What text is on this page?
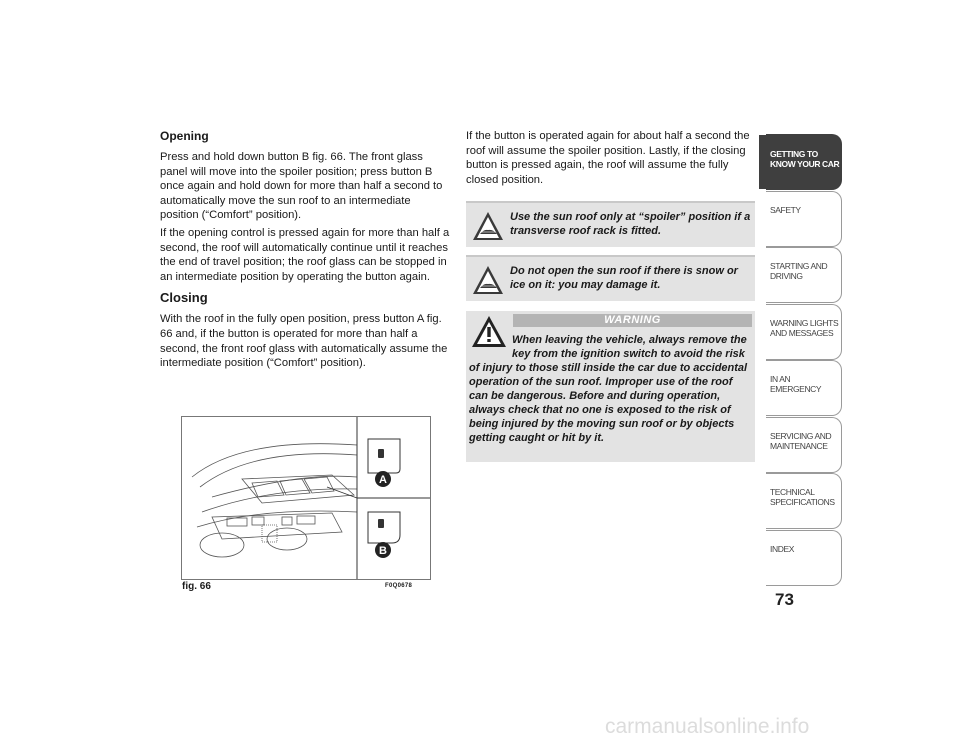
Opening

Press and hold down button B fig. 66. The front glass panel will move into the spoiler position; press button B once again and hold down for more than half a second to automatically move the sun roof to an intermediate position (“Comfort” position).

If the opening control is pressed again for more than half a second, the roof will automatically continue until it reaches the end of travel position; the roof glass can be stopped in an intermediate position by operating the button again.

Closing

With the roof in the fully open position, press button A fig. 66 and, if the button is operated for more than half a second, the front roof glass with automatically assume the intermediate position (“Comfort” position).

If the button is operated again for about half a second the roof will assume the spoiler position. Lastly, if the closing button is pressed again, the roof will assume the fully closed position.

Use the sun roof only at “spoiler” position if a transverse roof rack is fitted.
Do not open the sun roof if there is snow or ice on it: you may damage it.
WARNING
When leaving the vehicle, always remove the key from the ignition switch to avoid the risk of injury to those still inside the car due to accidental operation of the sun roof. Improper use of the roof can be dangerous. Before and during operation, always check that no one is exposed to the risk of being injured by the moving sun roof or by objects getting caught or hit by it.
A
B
fig. 66	F0Q0678
GETTING TO KNOW YOUR CAR
SAFETY
STARTING AND DRIVING
WARNING LIGHTS AND MESSAGES
IN AN EMERGENCY
SERVICING AND MAINTENANCE
TECHNICAL SPECIFICATIONS
INDEX
73
carmanualsonline.info
